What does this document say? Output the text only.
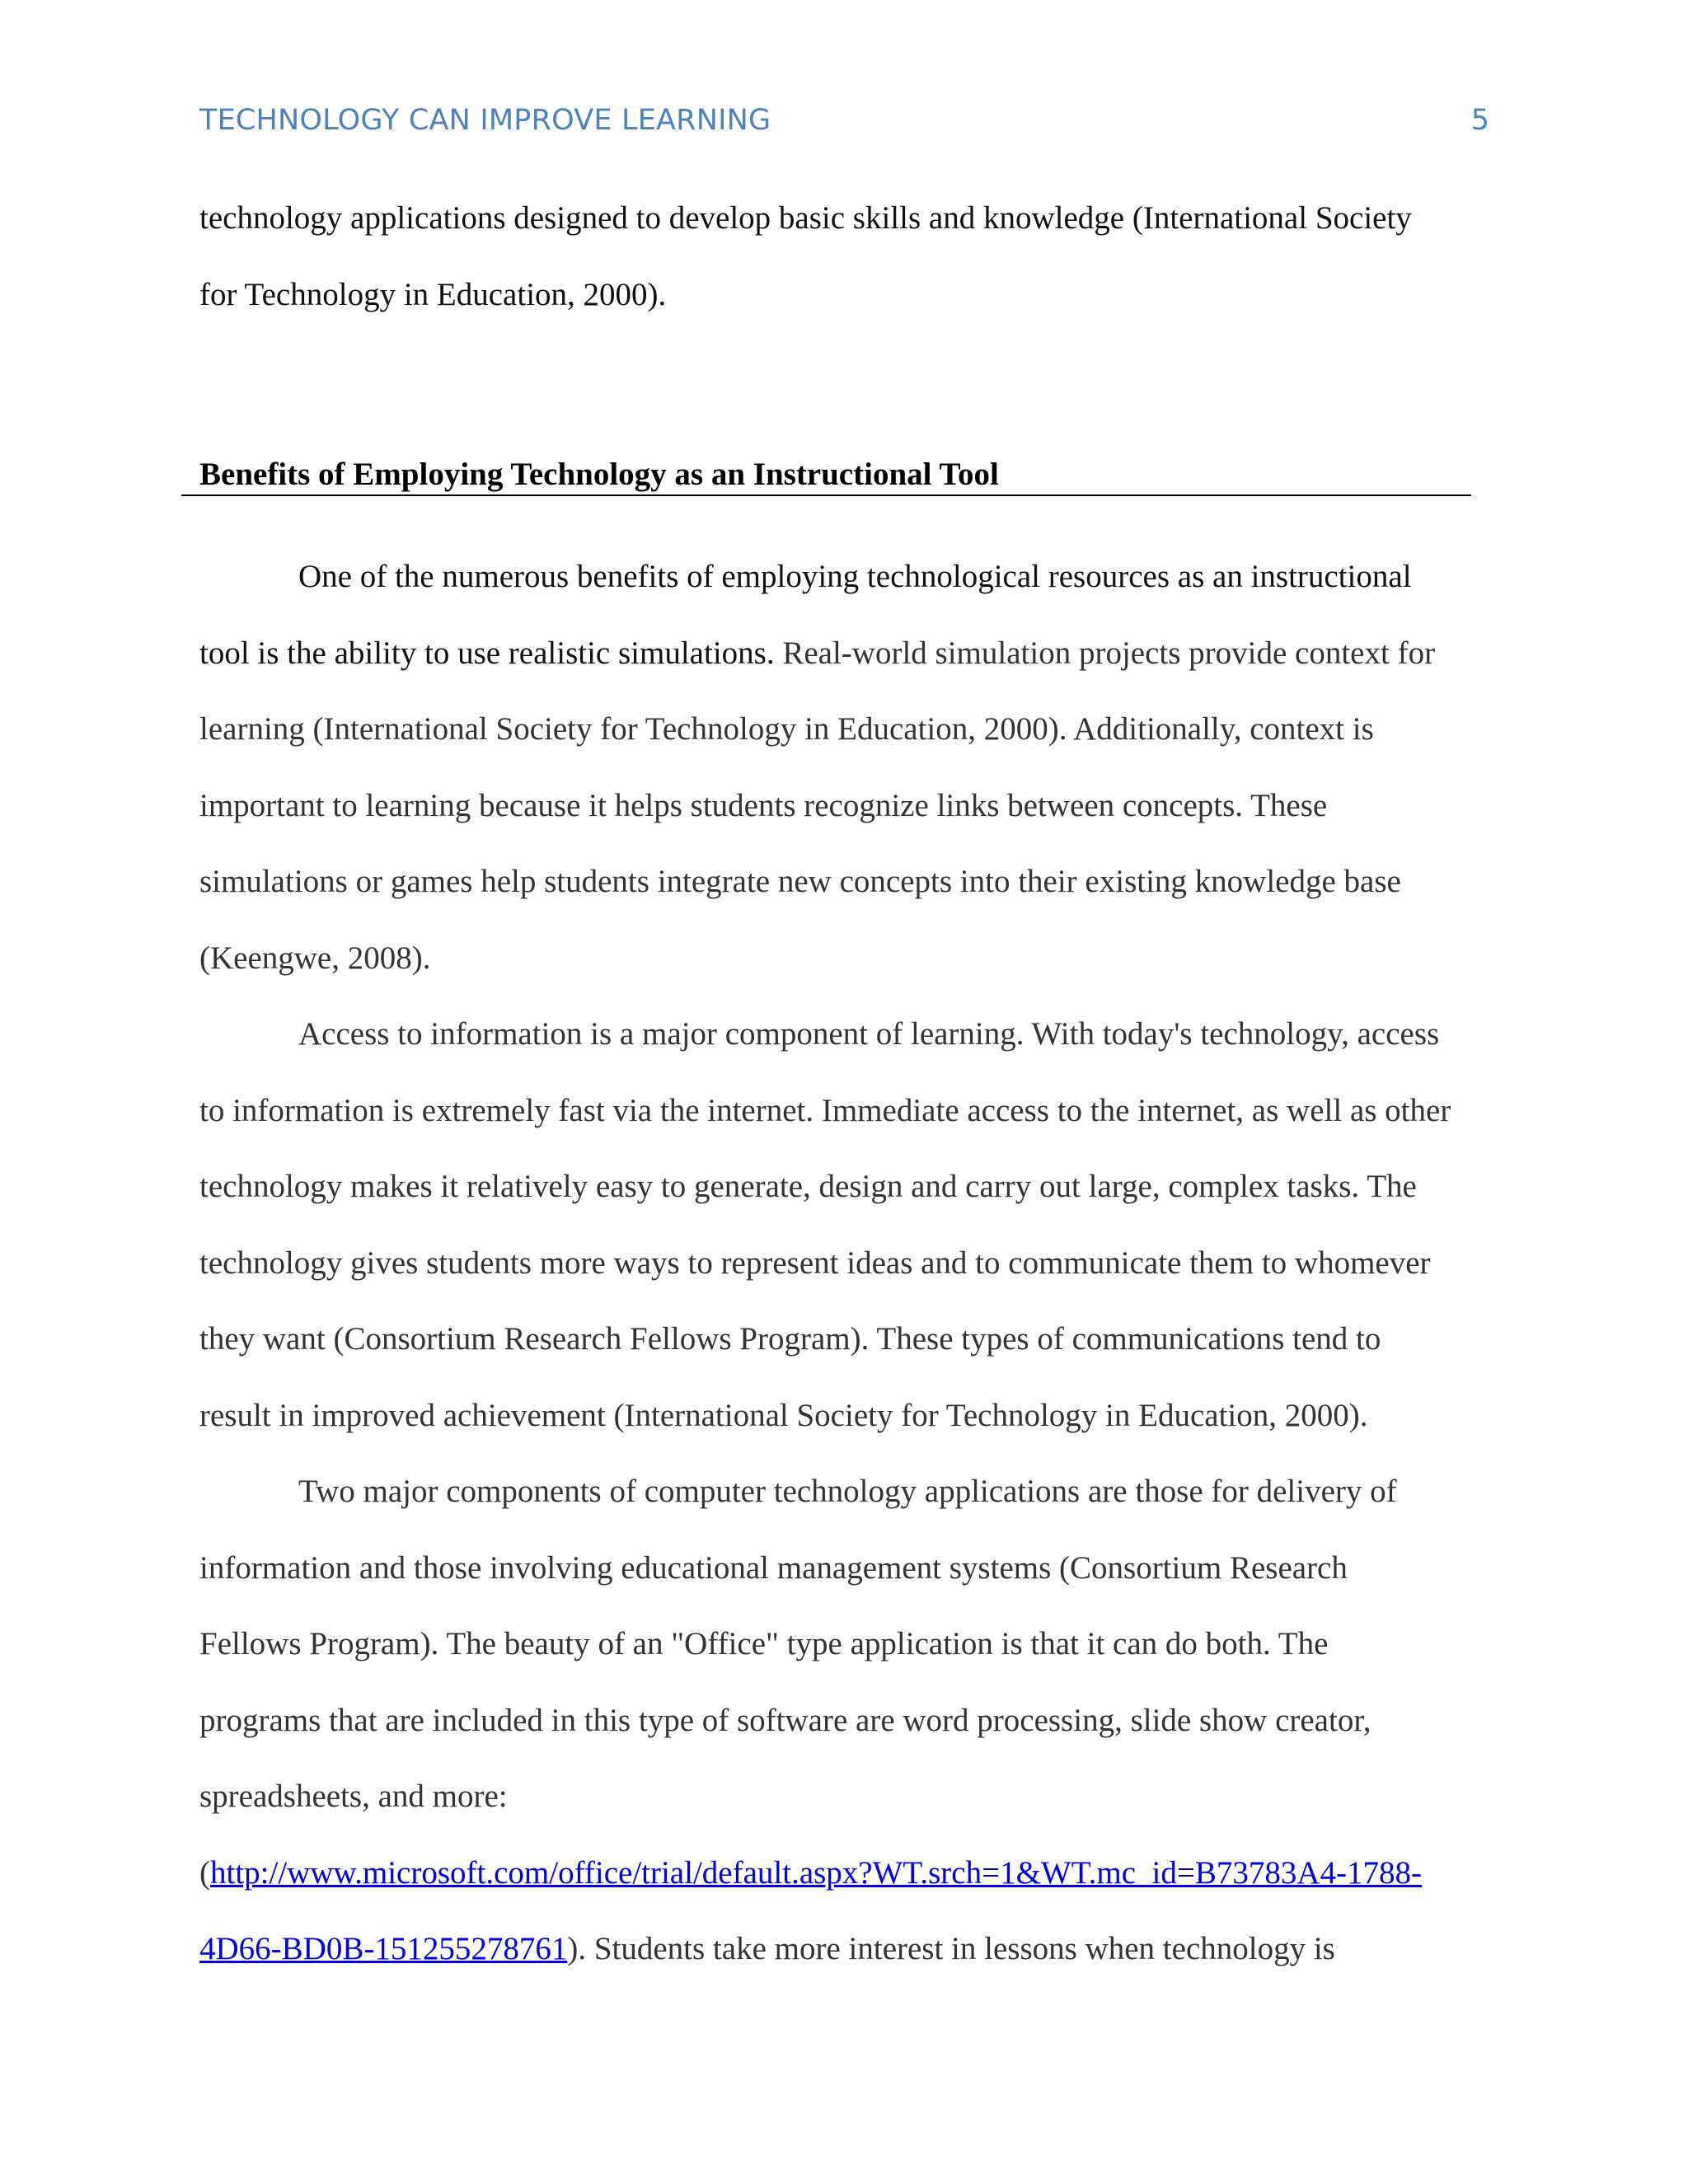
TECHNOLOGY CAN IMPROVE LEARNING	5
technology applications designed to develop basic skills and knowledge (International Society
for Technology in Education, 2000).
Benefits of Employing Technology as an Instructional Tool
One of the numerous benefits of employing technological resources as an instructional
tool is the ability to use realistic simulations. Real-world simulation projects provide context for
learning (International Society for Technology in Education, 2000). Additionally, context is
important to learning because it helps students recognize links between concepts. These
simulations or games help students integrate new concepts into their existing knowledge base
(Keengwe, 2008).
Access to information is a major component of learning. With today's technology, access
to information is extremely fast via the internet. Immediate access to the internet, as well as other
technology makes it relatively easy to generate, design and carry out large, complex tasks. The
technology gives students more ways to represent ideas and to communicate them to whomever
they want (Consortium Research Fellows Program). These types of communications tend to
result in improved achievement (International Society for Technology in Education, 2000).
Two major components of computer technology applications are those for delivery of
information and those involving educational management systems (Consortium Research
Fellows Program). The beauty of an "Office" type application is that it can do both. The
programs that are included in this type of software are word processing, slide show creator,
spreadsheets, and more:
(http://www.microsoft.com/office/trial/default.aspx?WT.srch=1&WT.mc_id=B73783A4-1788-
4D66-BD0B-151255278761). Students take more interest in lessons when technology is
